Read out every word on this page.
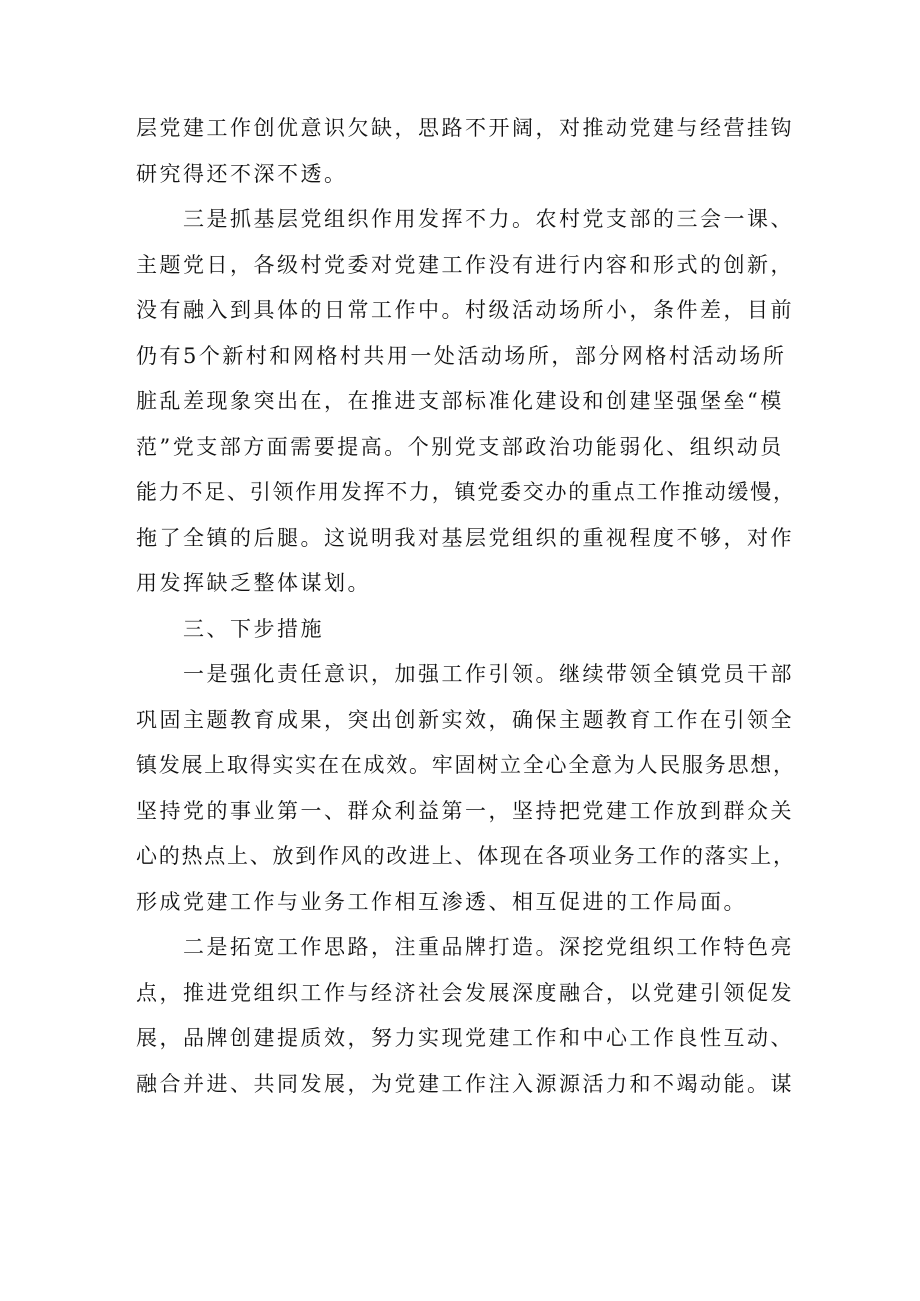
层党建工作创优意识欠缺，思路不开阔，对推动党建与经营挂钩
研究得还不深不透。

三是抓基层党组织作用发挥不力。农村党支部的三会一课、
主题党日，各级村党委对党建工作没有进行内容和形式的创新，
没有融入到具体的日常工作中。村级活动场所小，条件差，目前
仍有5个新村和网格村共用一处活动场所，部分网格村活动场所
脏乱差现象突出在，在推进支部标准化建设和创建坚强堡垒“模
范”党支部方面需要提高。个别党支部政治功能弱化、组织动员
能力不足、引领作用发挥不力，镇党委交办的重点工作推动缓慢，
拖了全镇的后腿。这说明我对基层党组织的重视程度不够，对作
用发挥缺乏整体谋划。

三、下步措施

一是强化责任意识，加强工作引领。继续带领全镇党员干部
巩固主题教育成果，突出创新实效，确保主题教育工作在引领全
镇发展上取得实实在在成效。牢固树立全心全意为人民服务思想，
坚持党的事业第一、群众利益第一，坚持把党建工作放到群众关
心的热点上、放到作风的改进上、体现在各项业务工作的落实上，
形成党建工作与业务工作相互渗透、相互促进的工作局面。

二是拓宽工作思路，注重品牌打造。深挖党组织工作特色亮
点，推进党组织工作与经济社会发展深度融合，以党建引领促发
展，品牌创建提质效，努力实现党建工作和中心工作良性互动、
融合并进、共同发展，为党建工作注入源源活力和不竭动能。谋
